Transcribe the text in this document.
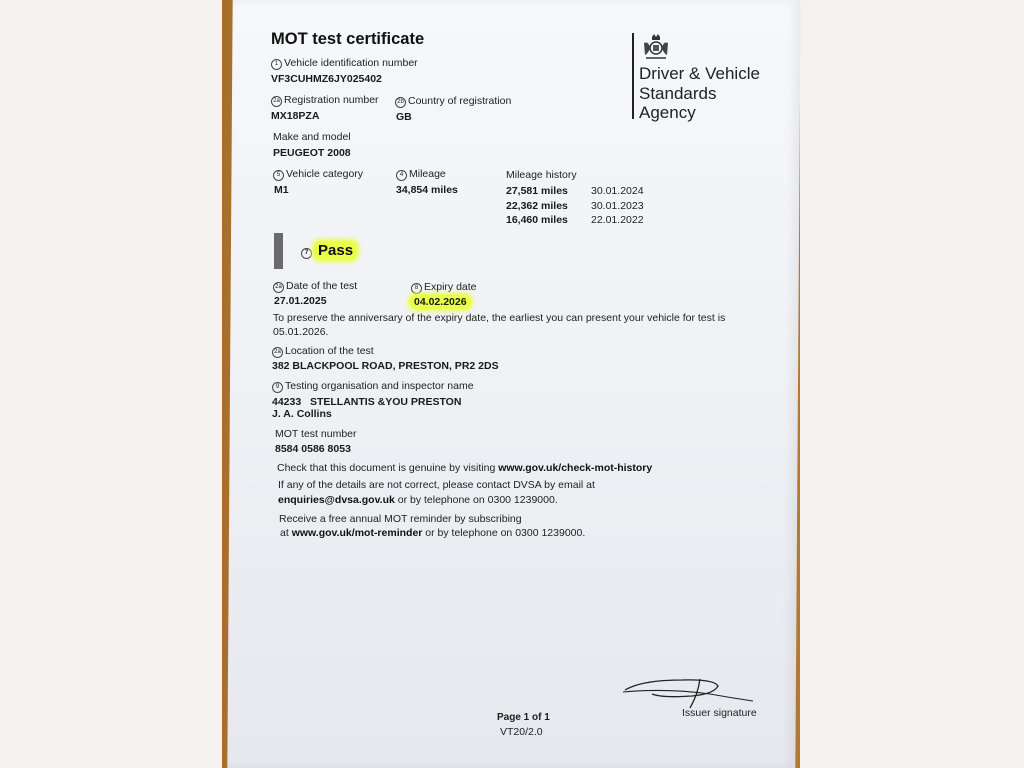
MOT test certificate
Driver & Vehicle
Standards
Agency
1 Vehicle identification number
VF3CUHMZ6JY025402
2a Registration number
MX18PZA
2b Country of registration
GB
Make and model
PEUGEOT 2008
5 Vehicle category
M1
4 Mileage
34,854 miles
Mileage history
27,581 miles 30.01.2024
22,362 miles 30.01.2023
16,460 miles 22.01.2022
7 Pass
2a Date of the test
27.01.2025
8 Expiry date
04.02.2026
To preserve the anniversary of the expiry date, the earliest you can present your vehicle for test is
05.01.2026.
2a Location of the test
382 BLACKPOOL ROAD, PRESTON, PR2 2DS
9 Testing organisation and inspector name
44233   STELLANTIS &YOU PRESTON
J. A. Collins
MOT test number
8584 0586 8053
Check that this document is genuine by visiting www.gov.uk/check-mot-history
If any of the details are not correct, please contact DVSA by email at
enquiries@dvsa.gov.uk or by telephone on 0300 1239000.
Receive a free annual MOT reminder by subscribing
at www.gov.uk/mot-reminder or by telephone on 0300 1239000.
Issuer signature
Page 1 of 1
VT20/2.0
